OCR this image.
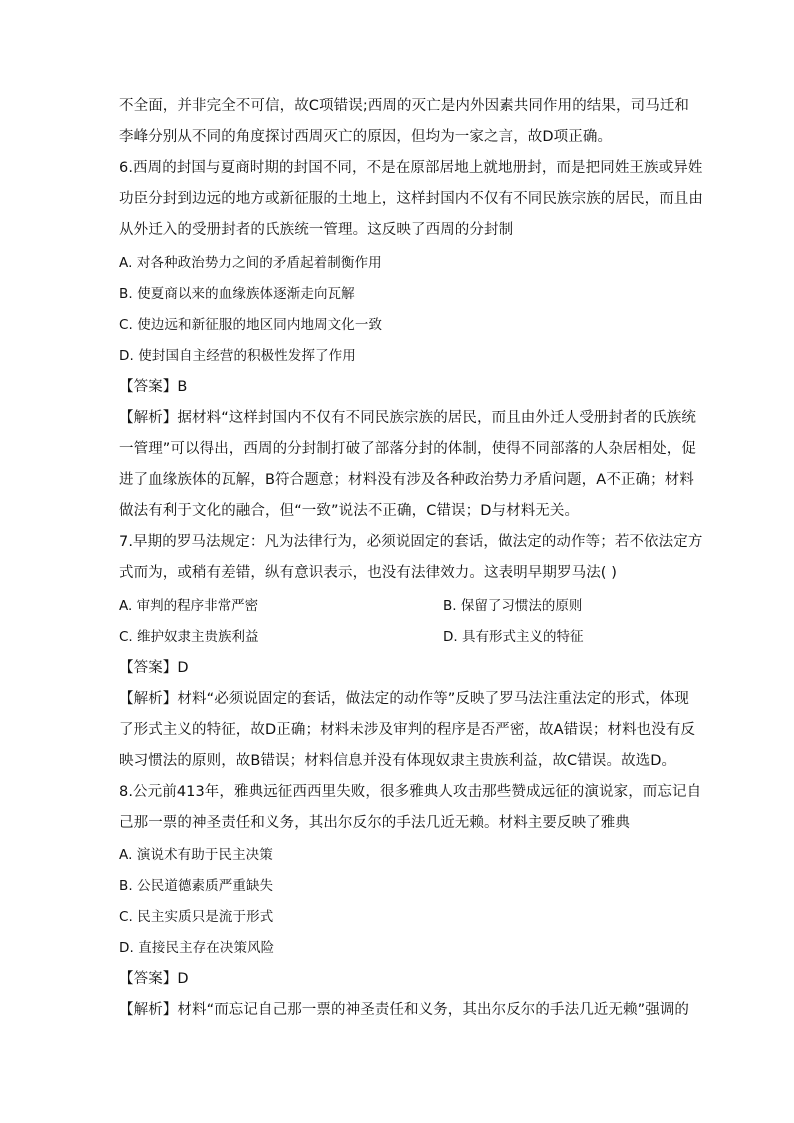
不全面，并非完全不可信，故C项错误;西周的灭亡是内外因素共同作用的结果，司马迁和
李峰分别从不同的角度探讨西周灭亡的原因，但均为一家之言，故D项正确。
6.西周的封国与夏商时期的封国不同，不是在原部居地上就地册封，而是把同姓王族或异姓
功臣分封到边远的地方或新征服的土地上，这样封国内不仅有不同民族宗族的居民，而且由
从外迁入的受册封者的氏族统一管理。这反映了西周的分封制
A. 对各种政治势力之间的矛盾起着制衡作用
B. 使夏商以来的血缘族体逐渐走向瓦解
C. 使边远和新征服的地区同内地周文化一致
D. 使封国自主经营的积极性发挥了作用
【答案】B
【解析】据材料“这样封国内不仅有不同民族宗族的居民，而且由外迁人受册封者的氏族统
一管理”可以得出，西周的分封制打破了部落分封的体制，使得不同部落的人杂居相处，促
进了血缘族体的瓦解，B符合题意；材料没有涉及各种政治势力矛盾问题，A不正确；材料
做法有利于文化的融合，但“一致”说法不正确，C错误；D与材料无关。
7.早期的罗马法规定：凡为法律行为，必须说固定的套话，做法定的动作等；若不依法定方
式而为，或稍有差错，纵有意识表示，也没有法律效力。这表明早期罗马法( )
A. 审判的程序非常严密	B. 保留了习惯法的原则
C. 维护奴隶主贵族利益	D. 具有形式主义的特征
【答案】D
【解析】材料“必须说固定的套话，做法定的动作等”反映了罗马法注重法定的形式，体现
了形式主义的特征，故D正确；材料未涉及审判的程序是否严密，故A错误；材料也没有反
映习惯法的原则，故B错误；材料信息并没有体现奴隶主贵族利益，故C错误。故选D。
8.公元前413年，雅典远征西西里失败，很多雅典人攻击那些赞成远征的演说家，而忘记自
己那一票的神圣责任和义务，其出尔反尔的手法几近无赖。材料主要反映了雅典
A. 演说术有助于民主决策
B. 公民道德素质严重缺失
C. 民主实质只是流于形式
D. 直接民主存在决策风险
【答案】D
【解析】材料“而忘记自己那一票的神圣责任和义务，其出尔反尔的手法几近无赖”强调的
